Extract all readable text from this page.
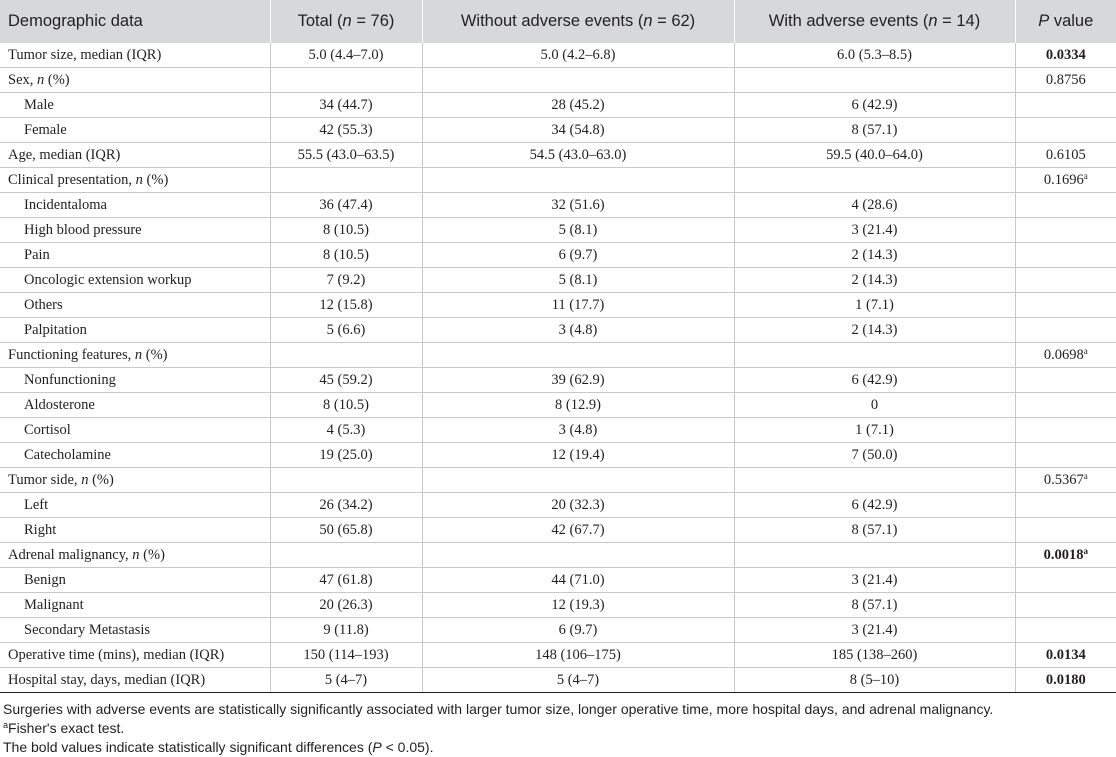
Demographic data	Total (n = 76)	Without adverse events (n = 62)	With adverse events (n = 14)	P value
Tumor size, median (IQR)	5.0 (4.4–7.0)	5.0 (4.2–6.8)	6.0 (5.3–8.5)	0.0334
Sex, n (%)				0.8756
Male	34 (44.7)	28 (45.2)	6 (42.9)	
Female	42 (55.3)	34 (54.8)	8 (57.1)	
Age, median (IQR)	55.5 (43.0–63.5)	54.5 (43.0–63.0)	59.5 (40.0–64.0)	0.6105
Clinical presentation, n (%)				0.1696$^a$
Incidentaloma	36 (47.4)	32 (51.6)	4 (28.6)	
High blood pressure	8 (10.5)	5 (8.1)	3 (21.4)	
Pain	8 (10.5)	6 (9.7)	2 (14.3)	
Oncologic extension workup	7 (9.2)	5 (8.1)	2 (14.3)	
Others	12 (15.8)	11 (17.7)	1 (7.1)	
Palpitation	5 (6.6)	3 (4.8)	2 (14.3)	
Functioning features, n (%)				0.0698$^a$
Nonfunctioning	45 (59.2)	39 (62.9)	6 (42.9)	
Aldosterone	8 (10.5)	8 (12.9)	0	
Cortisol	4 (5.3)	3 (4.8)	1 (7.1)	
Catecholamine	19 (25.0)	12 (19.4)	7 (50.0)	
Tumor side, n (%)				0.5367$^a$
Left	26 (34.2)	20 (32.3)	6 (42.9)	
Right	50 (65.8)	42 (67.7)	8 (57.1)	
Adrenal malignancy, n (%)				0.0018$^a$
Benign	47 (61.8)	44 (71.0)	3 (21.4)	
Malignant	20 (26.3)	12 (19.3)	8 (57.1)	
Secondary Metastasis	9 (11.8)	6 (9.7)	3 (21.4)	
Operative time (mins), median (IQR)	150 (114–193)	148 (106–175)	185 (138–260)	0.0134
Hospital stay, days, median (IQR)	5 (4–7)	5 (4–7)	8 (5–10)	0.0180

Surgeries with adverse events are statistically significantly associated with larger tumor size, longer operative time, more hospital days, and adrenal malignancy.

$^a$Fisher's exact test.

The bold values indicate statistically significant differences (P < 0.05).
